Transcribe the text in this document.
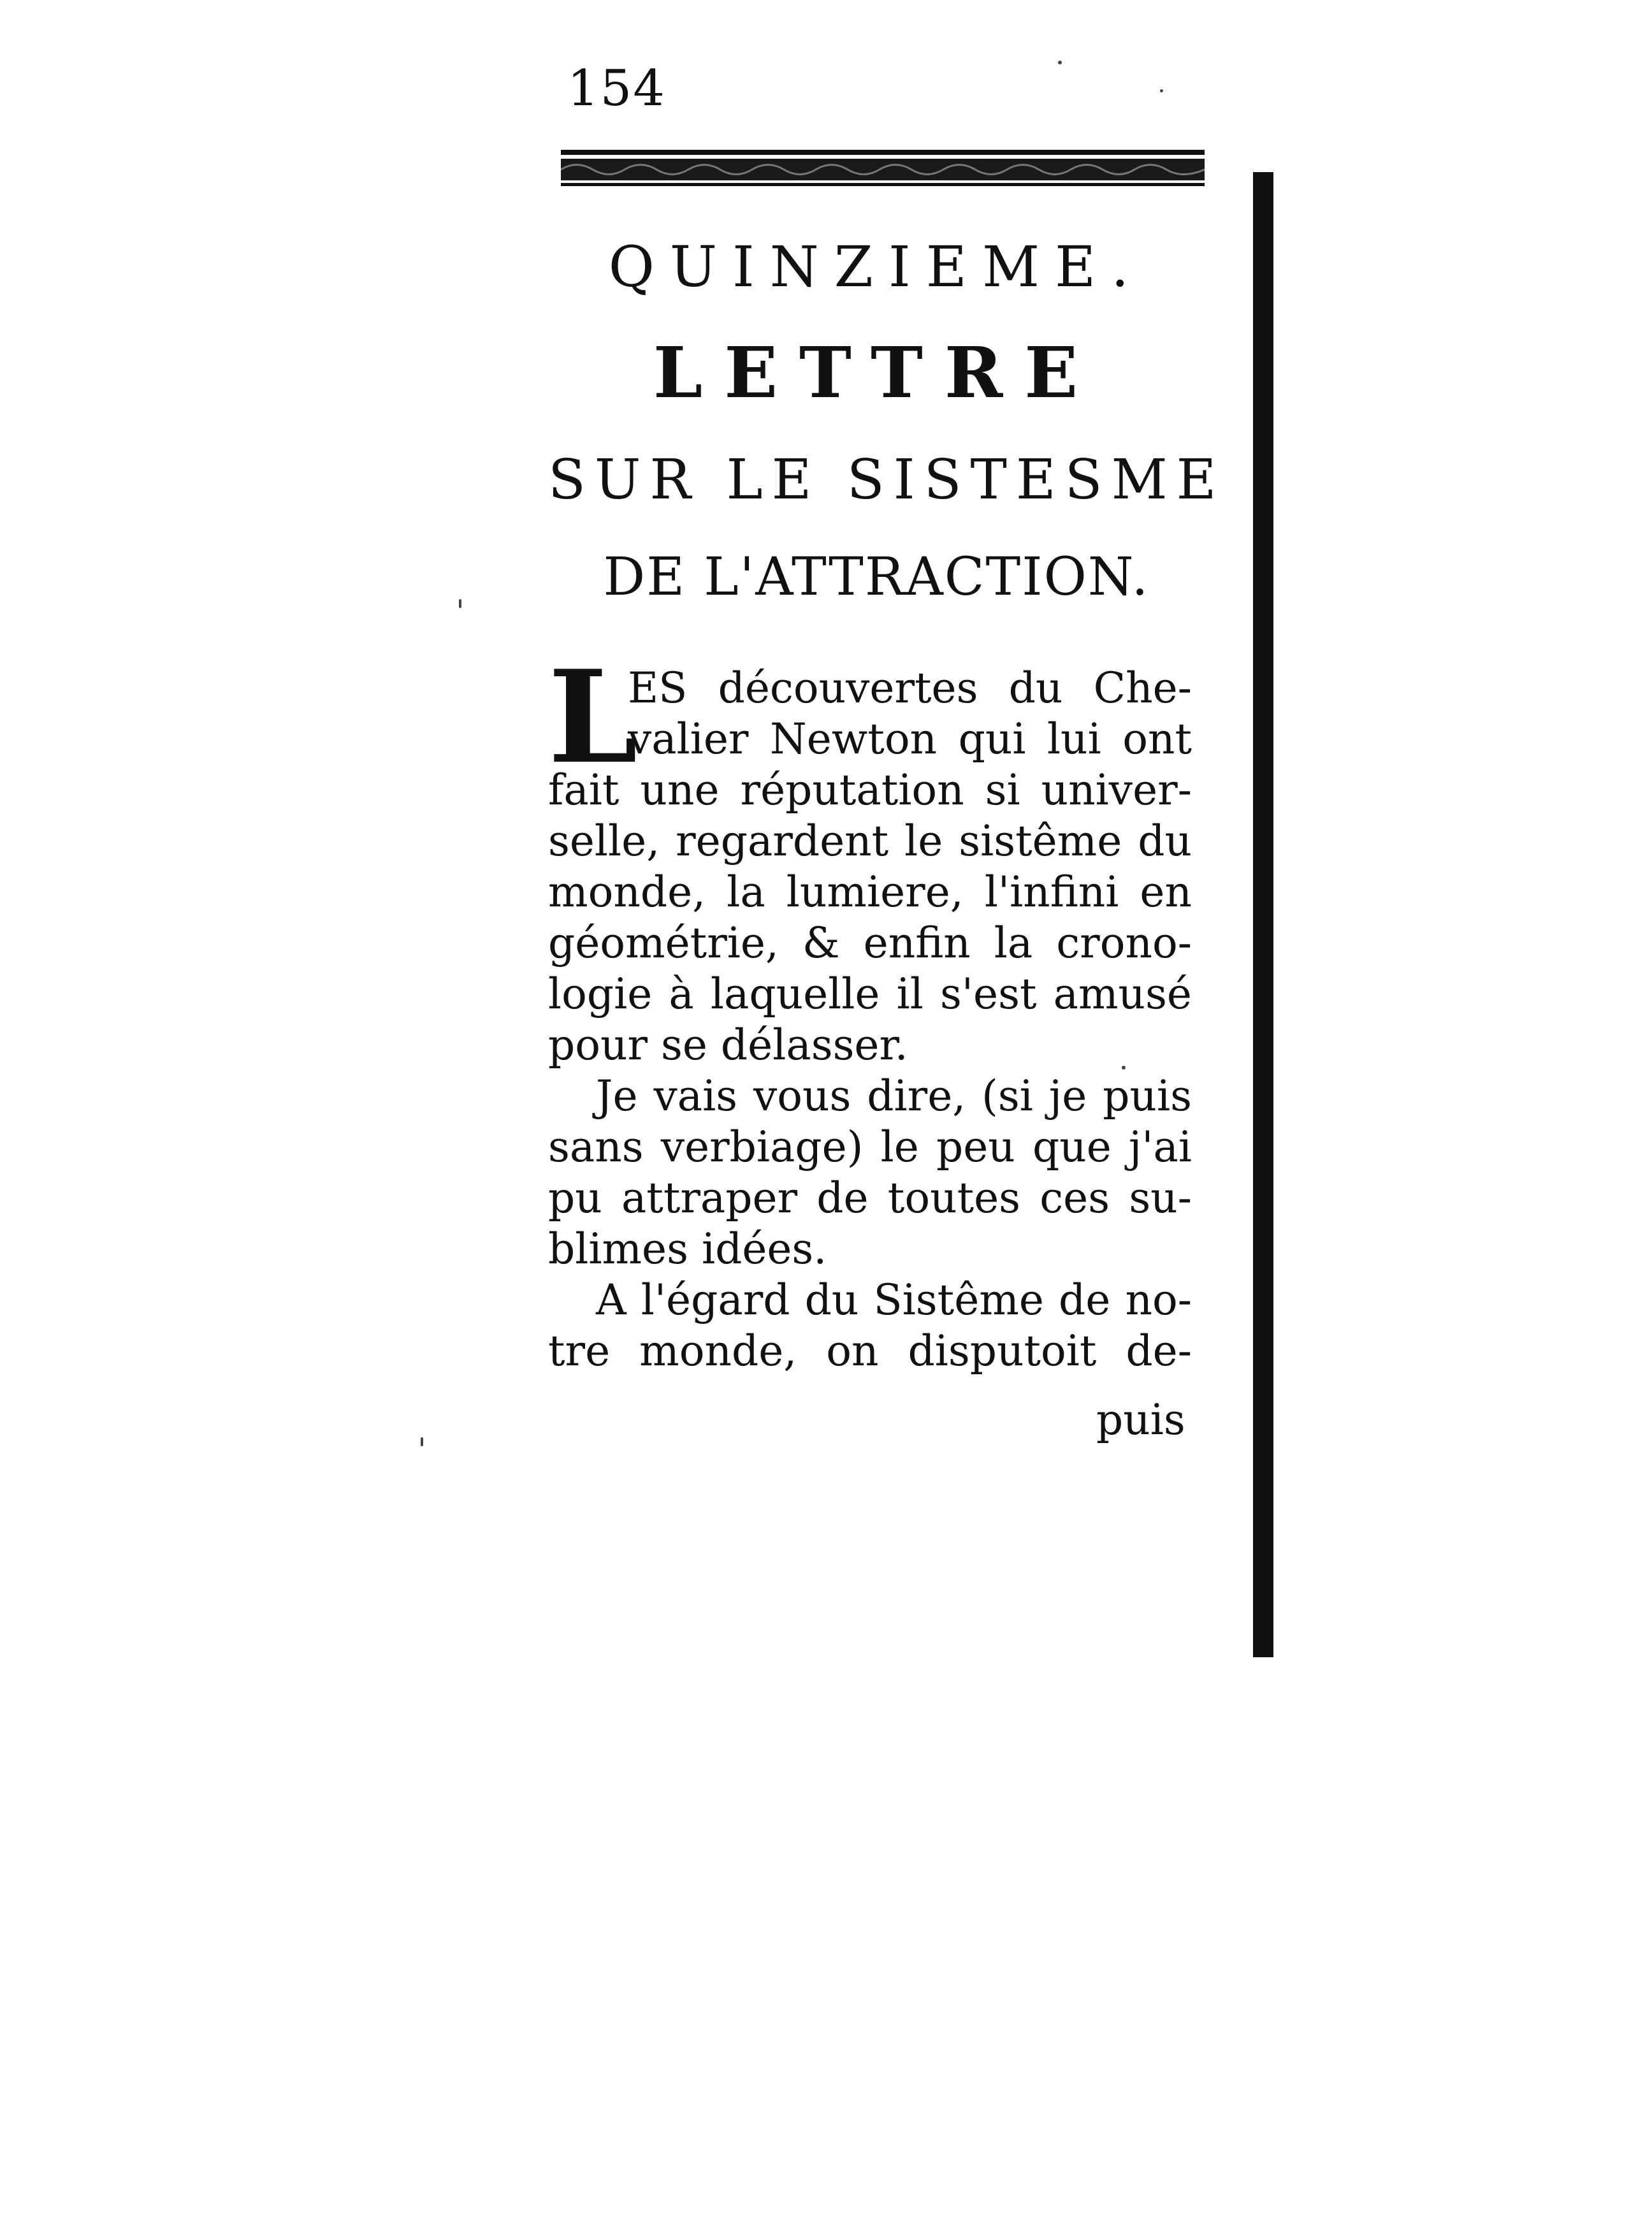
154
QUINZIEME.
LETTRE
SUR LE SISTESME
DE L'ATTRACTION.
L
ES découvertes du Che-
valier Newton qui lui ont
fait une réputation si univer-
selle, regardent le sistême du
monde, la lumiere, l'infini en
géométrie, & enfin la crono-
logie à laquelle il s'est amusé
pour se délasser.
Je vais vous dire, (si je puis
sans verbiage) le peu que j'ai
pu attraper de toutes ces su-
blimes idées.
A l'égard du Sistême de no-
tre monde, on disputoit de-
puis
